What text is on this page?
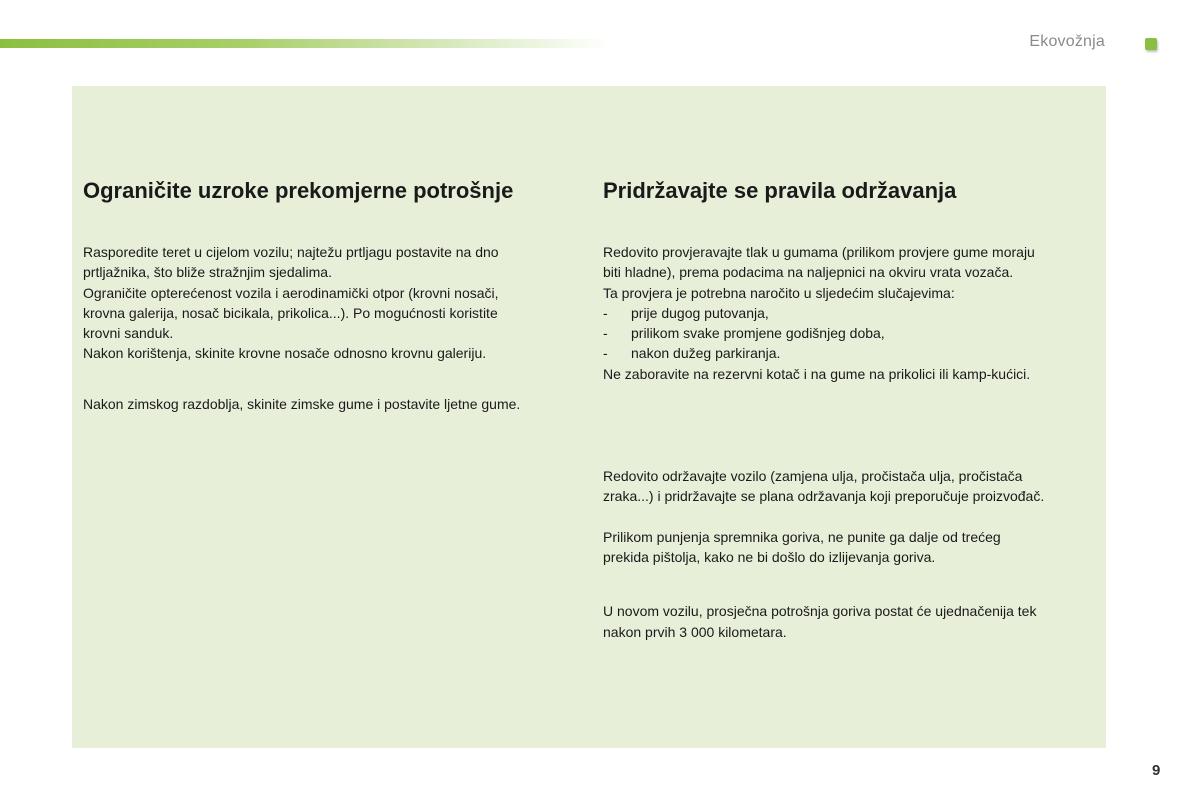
Ekovožnja
Ograničite uzroke prekomjerne potrošnje

Rasporedite teret u cijelom vozilu; najtežu prtljagu postavite na dno
prtljažnika, što bliže stražnjim sjedalima.
Ograničite opterećenost vozila i aerodinamički otpor (krovni nosači,
krovna galerija, nosač bicikala, prikolica...). Po mogućnosti koristite
krovni sanduk.
Nakon korištenja, skinite krovne nosače odnosno krovnu galeriju.

Nakon zimskog razdoblja, skinite zimske gume i postavite ljetne gume.

Pridržavajte se pravila održavanja

Redovito provjeravajte tlak u gumama (prilikom provjere gume moraju
biti hladne), prema podacima na naljepnici na okviru vrata vozača.
Ta provjera je potrebna naročito u sljedećim slučajevima:
- prije dugog putovanja,
- prilikom svake promjene godišnjeg doba,
- nakon dužeg parkiranja.
Ne zaboravite na rezervni kotač i na gume na prikolici ili kamp-kućici.

Redovito održavajte vozilo (zamjena ulja, pročistača ulja, pročistača
zraka...) i pridržavajte se plana održavanja koji preporučuje proizvođač.

Prilikom punjenja spremnika goriva, ne punite ga dalje od trećeg
prekida pištolja, kako ne bi došlo do izlijevanja goriva.

U novom vozilu, prosječna potrošnja goriva postat će ujednačenija tek
nakon prvih 3 000 kilometara.

9
